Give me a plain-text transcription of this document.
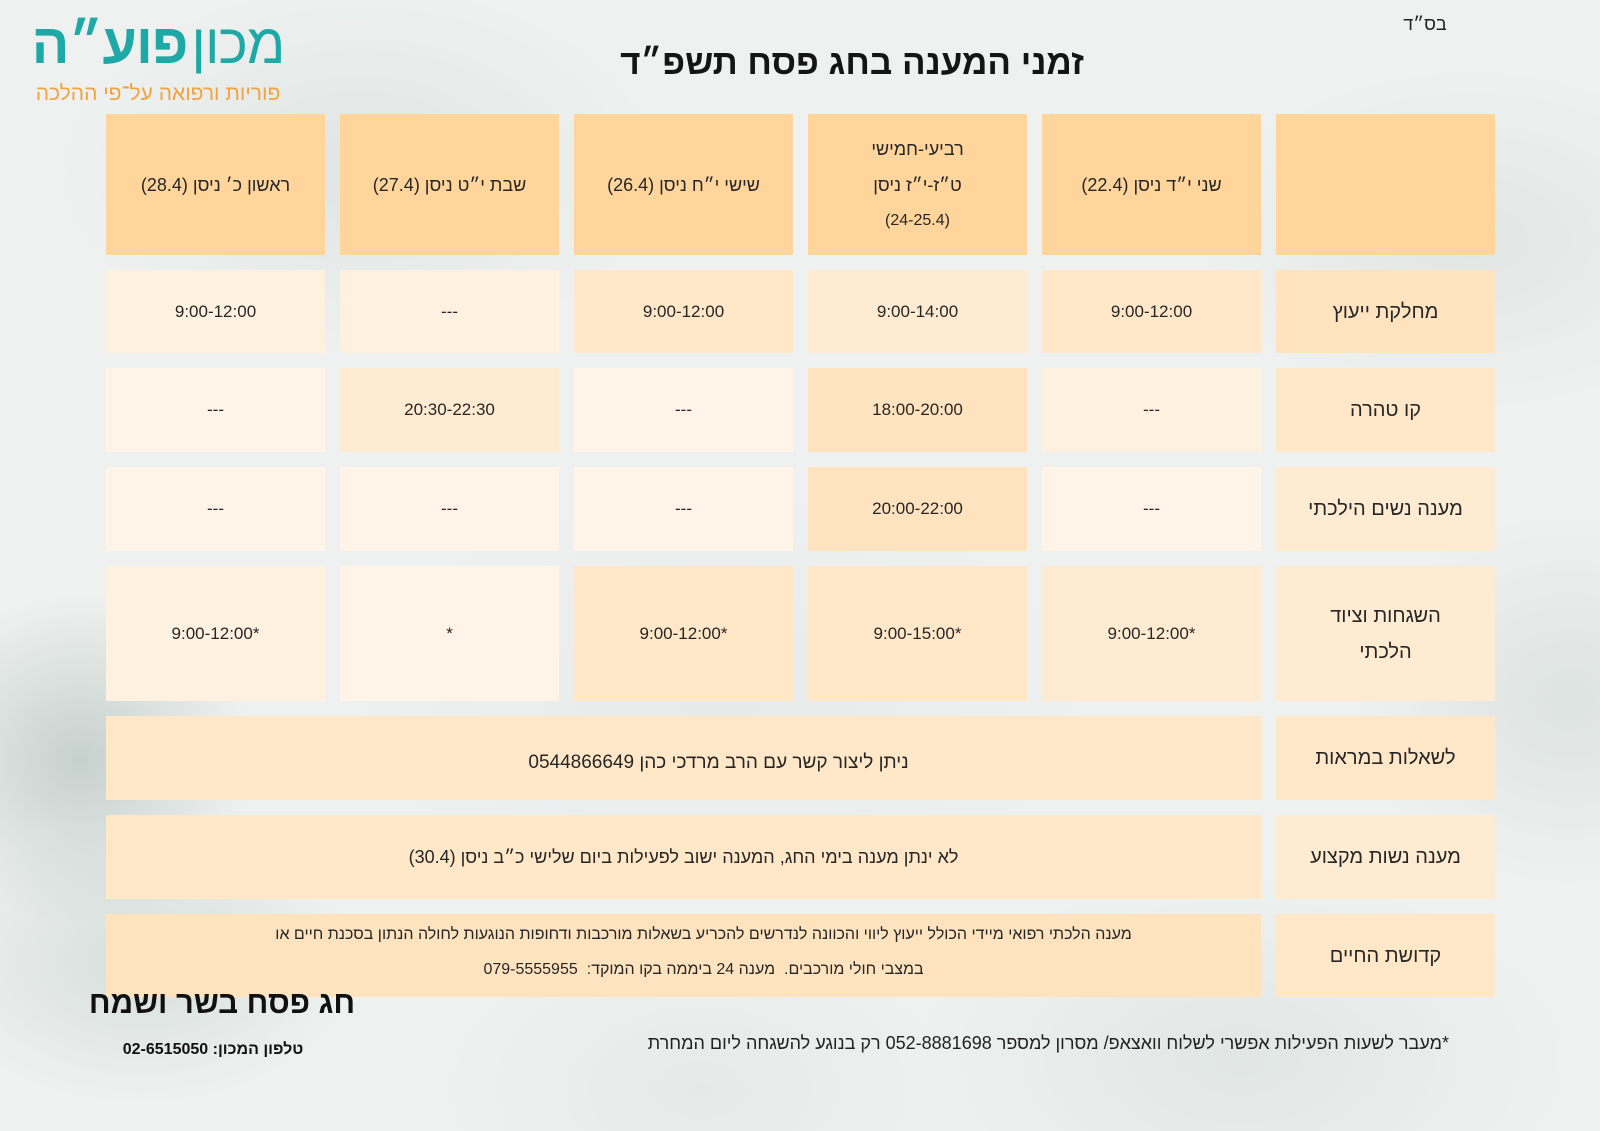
בס״ד
מכוןפוע״ה
פוריות ורפואה על־פי ההלכה
זמני המענה בחג פסח תשפ״ד
שני י״ד ניסן (22.4)
רביעי-חמישי
ט״ז-י״ז ניסן
(24-25.4)
שישי י״ח ניסן (26.4)
שבת י״ט ניסן (27.4)
ראשון כ׳ ניסן (28.4)
מחלקת ייעוץ
9:00-12:00
9:00-14:00
9:00-12:00
---
9:00-12:00
קו טהרה
---
18:00-20:00
---
20:30-22:30
---
מענה נשים הילכתי
---
20:00-22:00
---
---
---
השגחות וציוד
הלכתי
9:00-12:00*
9:00-15:00*
9:00-12:00*
*
9:00-12:00*
לשאלות במראות
ניתן ליצור קשר עם הרב מרדכי כהן 0544866649
מענה נשות מקצוע
לא ינתן מענה בימי החג, המענה ישוב לפעילות ביום שלישי כ״ב ניסן (30.4)
קדושת החיים
מענה הלכתי רפואי מיידי הכולל ייעוץ ליווי והכוונה לנדרשים להכריע בשאלות מורכבות ודחופות הנוגעות לחולה הנתון בסכנת חיים או
במצבי חולי מורכבים.  מענה 24 ביממה בקו המוקד:  079-5555955
חג פסח בשר ושמח
טלפון המכון: 02-6515050	*מעבר לשעות הפעילות אפשרי לשלוח וואצאפ/ מסרון למספר 052-8881698 רק בנוגע להשגחה ליום המחרת
